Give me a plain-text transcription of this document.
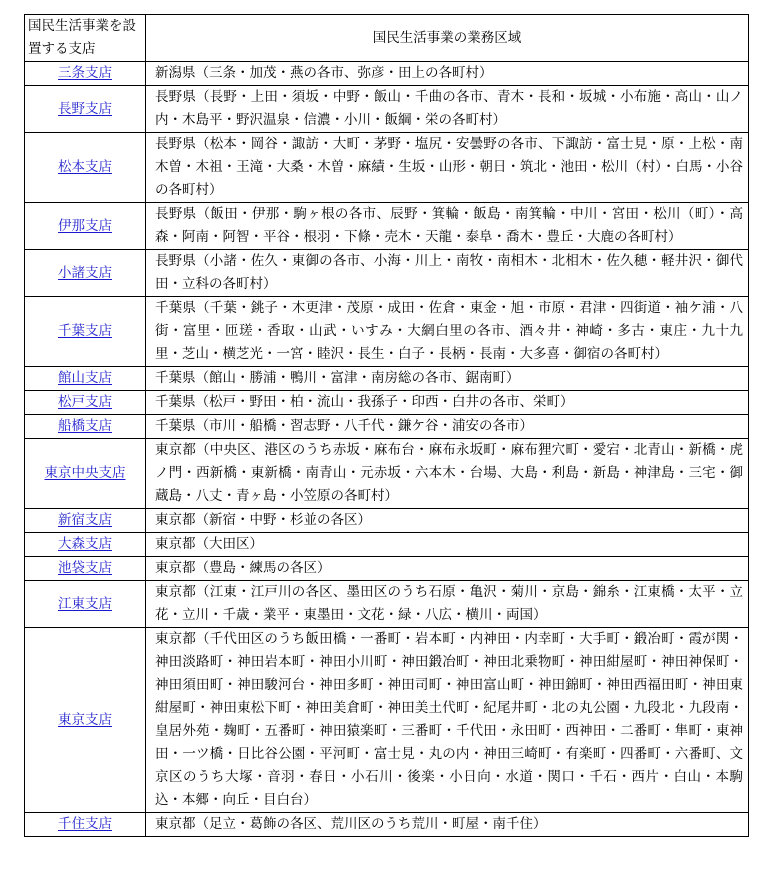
国民生活事業を設置する支店	国民生活事業の業務区域
三条支店	新潟県（三条・加茂・燕の各市、弥彦・田上の各町村）
長野支店	長野県（長野・上田・須坂・中野・飯山・千曲の各市、青木・長和・坂城・小布施・高山・山ノ内・木島平・野沢温泉・信濃・小川・飯綱・栄の各町村）
松本支店	長野県（松本・岡谷・諏訪・大町・茅野・塩尻・安曇野の各市、下諏訪・富士見・原・上松・南木曽・木祖・王滝・大桑・木曽・麻績・生坂・山形・朝日・筑北・池田・松川（村）・白馬・小谷の各町村）
伊那支店	長野県（飯田・伊那・駒ヶ根の各市、辰野・箕輪・飯島・南箕輪・中川・宮田・松川（町）・高森・阿南・阿智・平谷・根羽・下條・売木・天龍・泰阜・喬木・豊丘・大鹿の各町村）
小諸支店	長野県（小諸・佐久・東御の各市、小海・川上・南牧・南相木・北相木・佐久穂・軽井沢・御代田・立科の各町村）
千葉支店	千葉県（千葉・銚子・木更津・茂原・成田・佐倉・東金・旭・市原・君津・四街道・袖ケ浦・八街・富里・匝瑳・香取・山武・いすみ・大網白里の各市、酒々井・神崎・多古・東庄・九十九里・芝山・横芝光・一宮・睦沢・長生・白子・長柄・長南・大多喜・御宿の各町村）
館山支店	千葉県（館山・勝浦・鴨川・富津・南房総の各市、鋸南町）
松戸支店	千葉県（松戸・野田・柏・流山・我孫子・印西・白井の各市、栄町）
船橋支店	千葉県（市川・船橋・習志野・八千代・鎌ケ谷・浦安の各市）
東京中央支店	東京都（中央区、港区のうち赤坂・麻布台・麻布永坂町・麻布狸穴町・愛宕・北青山・新橋・虎ノ門・西新橋・東新橋・南青山・元赤坂・六本木・台場、大島・利島・新島・神津島・三宅・御蔵島・八丈・青ヶ島・小笠原の各町村）
新宿支店	東京都（新宿・中野・杉並の各区）
大森支店	東京都（大田区）
池袋支店	東京都（豊島・練馬の各区）
江東支店	東京都（江東・江戸川の各区、墨田区のうち石原・亀沢・菊川・京島・錦糸・江東橋・太平・立花・立川・千歳・業平・東墨田・文花・緑・八広・横川・両国）
東京支店	東京都（千代田区のうち飯田橋・一番町・岩本町・内神田・内幸町・大手町・鍛冶町・霞が関・神田淡路町・神田岩本町・神田小川町・神田鍛冶町・神田北乗物町・神田紺屋町・神田神保町・神田須田町・神田駿河台・神田多町・神田司町・神田富山町・神田錦町・神田西福田町・神田東紺屋町・神田東松下町・神田美倉町・神田美土代町・紀尾井町・北の丸公園・九段北・九段南・皇居外苑・麹町・五番町・神田猿楽町・三番町・千代田・永田町・西神田・二番町・隼町・東神田・一ツ橋・日比谷公園・平河町・富士見・丸の内・神田三崎町・有楽町・四番町・六番町、文京区のうち大塚・音羽・春日・小石川・後楽・小日向・水道・関口・千石・西片・白山・本駒込・本郷・向丘・目白台）
千住支店	東京都（足立・葛飾の各区、荒川区のうち荒川・町屋・南千住）
